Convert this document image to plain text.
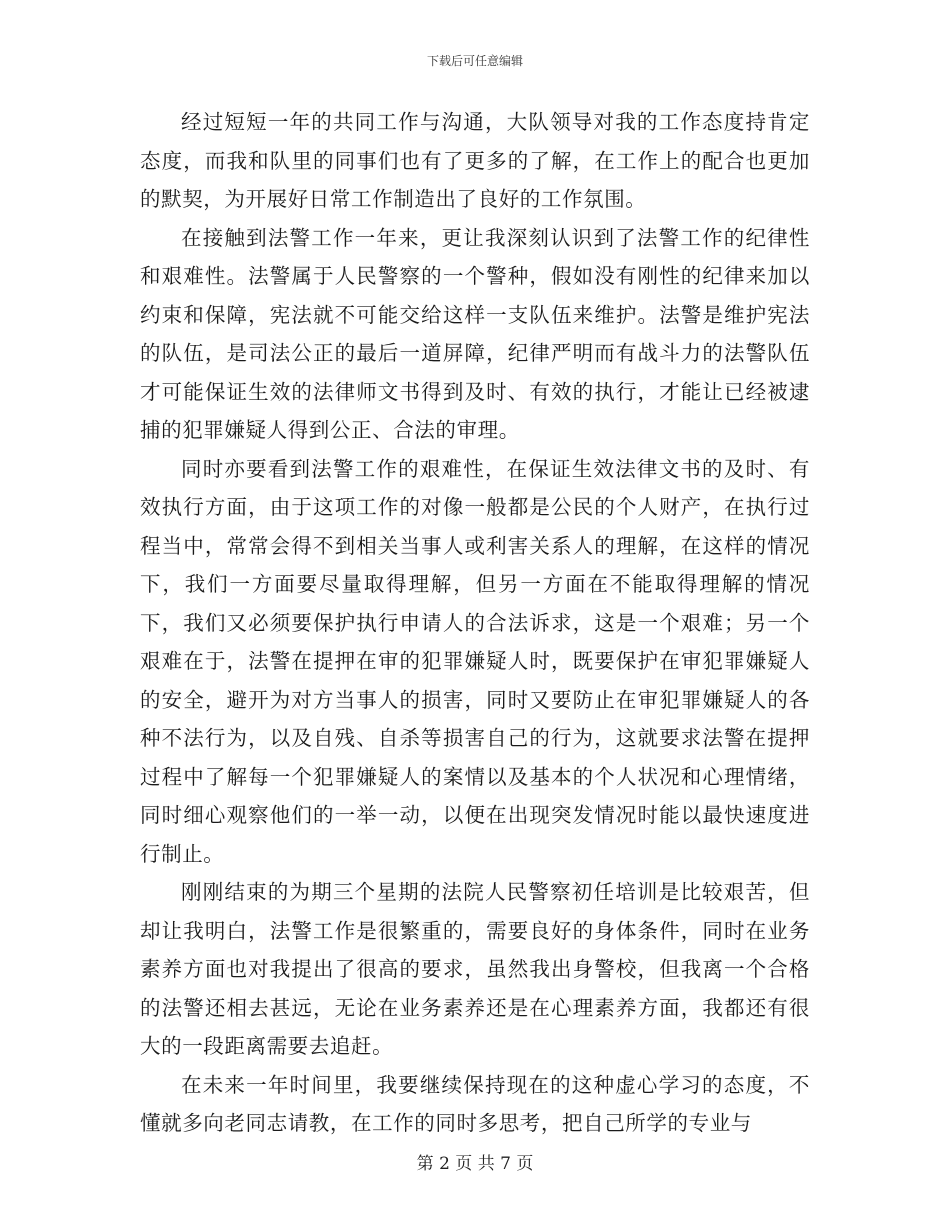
下载后可任意编辑

经过短短一年的共同工作与沟通，大队领导对我的工作态度持肯定态度，而我和队里的同事们也有了更多的了解，在工作上的配合也更加的默契，为开展好日常工作制造出了良好的工作氛围。

在接触到法警工作一年来，更让我深刻认识到了法警工作的纪律性和艰难性。法警属于人民警察的一个警种，假如没有刚性的纪律来加以约束和保障，宪法就不可能交给这样一支队伍来维护。法警是维护宪法的队伍，是司法公正的最后一道屏障，纪律严明而有战斗力的法警队伍才可能保证生效的法律师文书得到及时、有效的执行，才能让已经被逮捕的犯罪嫌疑人得到公正、合法的审理。

同时亦要看到法警工作的艰难性，在保证生效法律文书的及时、有效执行方面，由于这项工作的对像一般都是公民的个人财产，在执行过程当中，常常会得不到相关当事人或利害关系人的理解，在这样的情况下，我们一方面要尽量取得理解，但另一方面在不能取得理解的情况下，我们又必须要保护执行申请人的合法诉求，这是一个艰难；另一个艰难在于，法警在提押在审的犯罪嫌疑人时，既要保护在审犯罪嫌疑人的安全，避开为对方当事人的损害，同时又要防止在审犯罪嫌疑人的各种不法行为，以及自残、自杀等损害自己的行为，这就要求法警在提押过程中了解每一个犯罪嫌疑人的案情以及基本的个人状况和心理情绪，同时细心观察他们的一举一动，以便在出现突发情况时能以最快速度进行制止。

刚刚结束的为期三个星期的法院人民警察初任培训是比较艰苦，但却让我明白，法警工作是很繁重的，需要良好的身体条件，同时在业务素养方面也对我提出了很高的要求，虽然我出身警校，但我离一个合格的法警还相去甚远，无论在业务素养还是在心理素养方面，我都还有很大的一段距离需要去追赶。

在未来一年时间里，我要继续保持现在的这种虚心学习的态度，不懂就多向老同志请教，在工作的同时多思考，把自己所学的专业与

第 2 页 共 7 页
